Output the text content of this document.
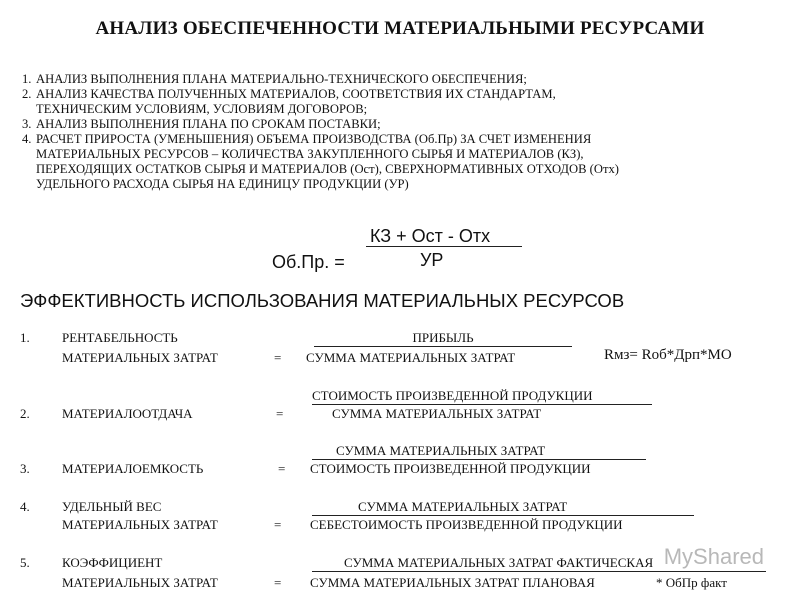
АНАЛИЗ ОБЕСПЕЧЕННОСТИ МАТЕРИАЛЬНЫМИ РЕСУРСАМИ
1. АНАЛИЗ ВЫПОЛНЕНИЯ ПЛАНА МАТЕРИАЛЬНО-ТЕХНИЧЕСКОГО ОБЕСПЕЧЕНИЯ;
2. АНАЛИЗ КАЧЕСТВА ПОЛУЧЕННЫХ МАТЕРИАЛОВ, СООТВЕТСТВИЯ ИХ СТАНДАРТАМ,
ТЕХНИЧЕСКИМ УСЛОВИЯМ, УСЛОВИЯМ ДОГОВОРОВ;
3. АНАЛИЗ ВЫПОЛНЕНИЯ ПЛАНА ПО СРОКАМ ПОСТАВКИ;
4. РАСЧЕТ ПРИРОСТА (УМЕНЬШЕНИЯ) ОБЪЕМА ПРОИЗВОДСТВА (Об.Пр) ЗА СЧЕТ ИЗМЕНЕНИЯ
МАТЕРИАЛЬНЫХ РЕСУРСОВ – КОЛИЧЕСТВА ЗАКУПЛЕННОГО СЫРЬЯ И МАТЕРИАЛОВ (КЗ),
ПЕРЕХОДЯЩИХ ОСТАТКОВ СЫРЬЯ И МАТЕРИАЛОВ (Ост), СВЕРХНОРМАТИВНЫХ ОТХОДОВ (Отх)
УДЕЛЬНОГО РАСХОДА СЫРЬЯ НА ЕДИНИЦУ ПРОДУКЦИИ (УР)
КЗ + Ост - Отх
Об.Пр. =	УР
ЭФФЕКТИВНОСТЬ ИСПОЛЬЗОВАНИЯ МАТЕРИАЛЬНЫХ РЕСУРСОВ
1. РЕНТАБЕЛЬНОСТЬ	ПРИБЫЛЬ
МАТЕРИАЛЬНЫХ ЗАТРАТ	= СУММА МАТЕРИАЛЬНЫХ ЗАТРАТ	Rмз= Rоб*Дрп*МО
СТОИМОСТЬ ПРОИЗВЕДЕННОЙ ПРОДУКЦИИ
2. МАТЕРИАЛООТДАЧА	=	СУММА МАТЕРИАЛЬНЫХ ЗАТРАТ
СУММА МАТЕРИАЛЬНЫХ ЗАТРАТ
3. МАТЕРИАЛОЕМКОСТЬ	= СТОИМОСТЬ ПРОИЗВЕДЕННОЙ ПРОДУКЦИИ
4. УДЕЛЬНЫЙ ВЕС	СУММА МАТЕРИАЛЬНЫХ ЗАТРАТ
МАТЕРИАЛЬНЫХ ЗАТРАТ	= СЕБЕСТОИМОСТЬ ПРОИЗВЕДЕННОЙ ПРОДУКЦИИ
5. КОЭФФИЦИЕНТ	СУММА МАТЕРИАЛЬНЫХ ЗАТРАТ ФАКТИЧЕСКАЯ
МАТЕРИАЛЬНЫХ ЗАТРАТ	= СУММА МАТЕРИАЛЬНЫХ ЗАТРАТ ПЛАНОВАЯ	* ОбПр факт
MyShared
